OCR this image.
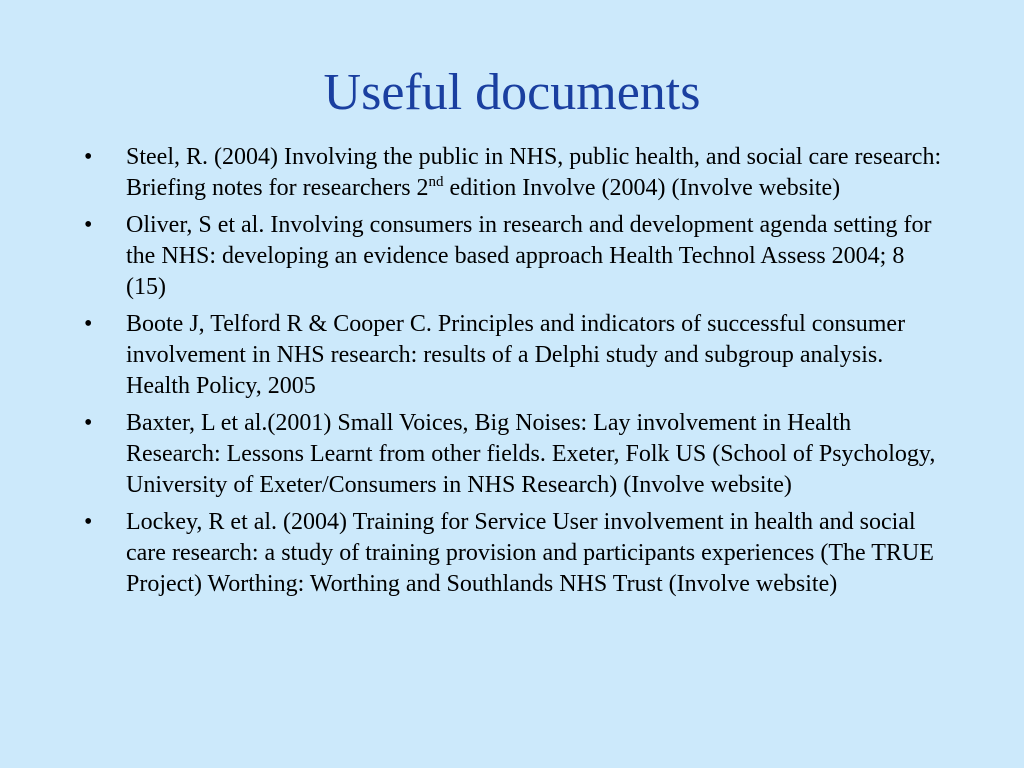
Useful documents
• Steel, R. (2004) Involving the public in NHS, public health, and social care research: Briefing notes for researchers 2nd edition Involve (2004) (Involve website)
• Oliver, S et al. Involving consumers in research and development agenda setting for the NHS: developing an evidence based approach Health Technol Assess 2004; 8 (15)
• Boote J, Telford R & Cooper C. Principles and indicators of successful consumer involvement in NHS research: results of a Delphi study and subgroup analysis. Health Policy, 2005
• Baxter, L et al.(2001) Small Voices, Big Noises: Lay involvement in Health Research: Lessons Learnt from other fields. Exeter, Folk US (School of Psychology, University of Exeter/Consumers in NHS Research) (Involve website)
• Lockey, R et al. (2004) Training for Service User involvement in health and social care research: a study of training provision and participants experiences (The TRUE Project) Worthing: Worthing and Southlands NHS Trust (Involve website)
